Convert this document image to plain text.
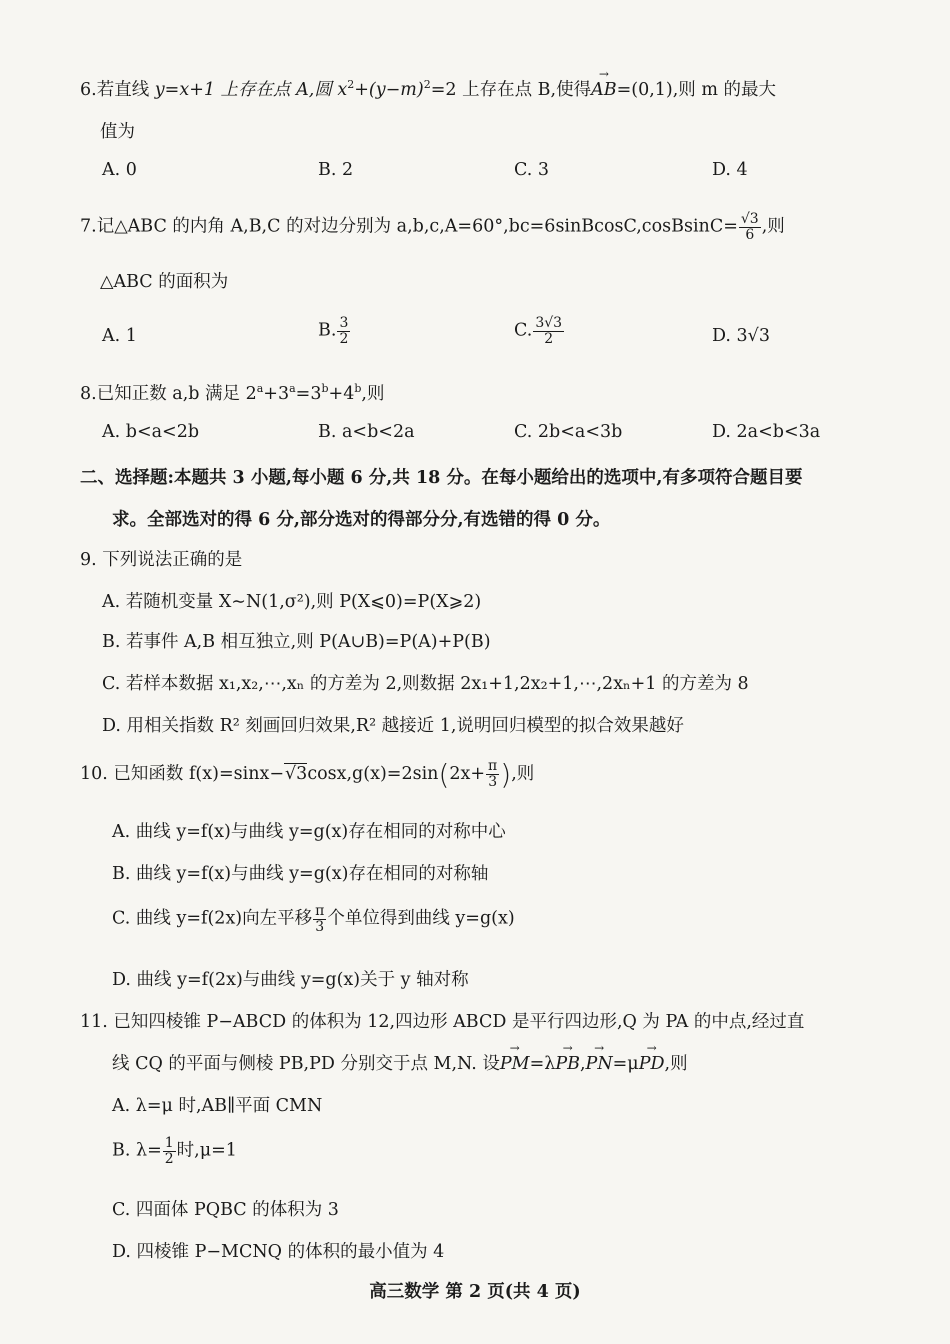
6.若直线 y=x+1 上存在点 A,圆 $x^2+(y-m)^2=2$ 上存在点 B,使得→ AB=(0,1),则 m 的最大
值为
A. 0	B. 2	C. 3	D. 4
7.记△ABC 的内角 A,B,C 的对边分别为 a,b,c,A=60°,bc=6sinBcosC,cosBsinC= $\frac{√3}{6}$ ,则
△ABC 的面积为
A. 1	B. $\frac{3}{2}$	C. $\frac{3√3}{2}$	D. 3√3
8.已知正数 a,b 满足 $2^a+3^a=3^b+4^b$,则
A. b<a<2b	B. a<b<2a	C. 2b<a<3b	D. 2a<b<3a
二、选择题:本题共 3 小题,每小题 6 分,共 18 分。在每小题给出的选项中,有多项符合题目要
求。全部选对的得 6 分,部分选对的得部分分,有选错的得 0 分。
9. 下列说法正确的是
A. 若随机变量 X∼N(1,σ²),则 P(X⩽0)=P(X⩾2)
B. 若事件 A,B 相互独立,则 P(A∪B)=P(A)+P(B)
C. 若样本数据 x₁,x₂,⋯,xₙ 的方差为 2,则数据 2x₁+1,2x₂+1,⋯,2xₙ+1 的方差为 8
D. 用相关指数 R² 刻画回归效果,R² 越接近 1,说明回归模型的拟合效果越好
10. 已知函数 $f(x)=\sin x-√3\cos x,g(x)=2\sin(2x+ \frac{\pi}{3}$ ),则
A. 曲线 y=f(x)与曲线 y=g(x)存在相同的对称中心
B. 曲线 y=f(x)与曲线 y=g(x)存在相同的对称轴
C. 曲线 y=f(2x)向左平移 $\frac{\pi}{3}$ 个单位得到曲线 y=g(x)
D. 曲线 y=f(2x)与曲线 y=g(x)关于 y 轴对称
11. 已知四棱锥 P−ABCD 的体积为 12,四边形 ABCD 是平行四边形,Q 为 PA 的中点,经过直
线 CQ 的平面与侧棱 PB,PD 分别交于点 M,N. 设→ PM=λ→ PB,→ PN=μ→ PD,则
A. λ=μ 时,AB∥平面 CMN
B. $\lambda= \frac{1}{2}$ 时,μ=1
C. 四面体 PQBC 的体积为 3
D. 四棱锥 P−MCNQ 的体积的最小值为 4
高三数学 第 2 页(共 4 页)
